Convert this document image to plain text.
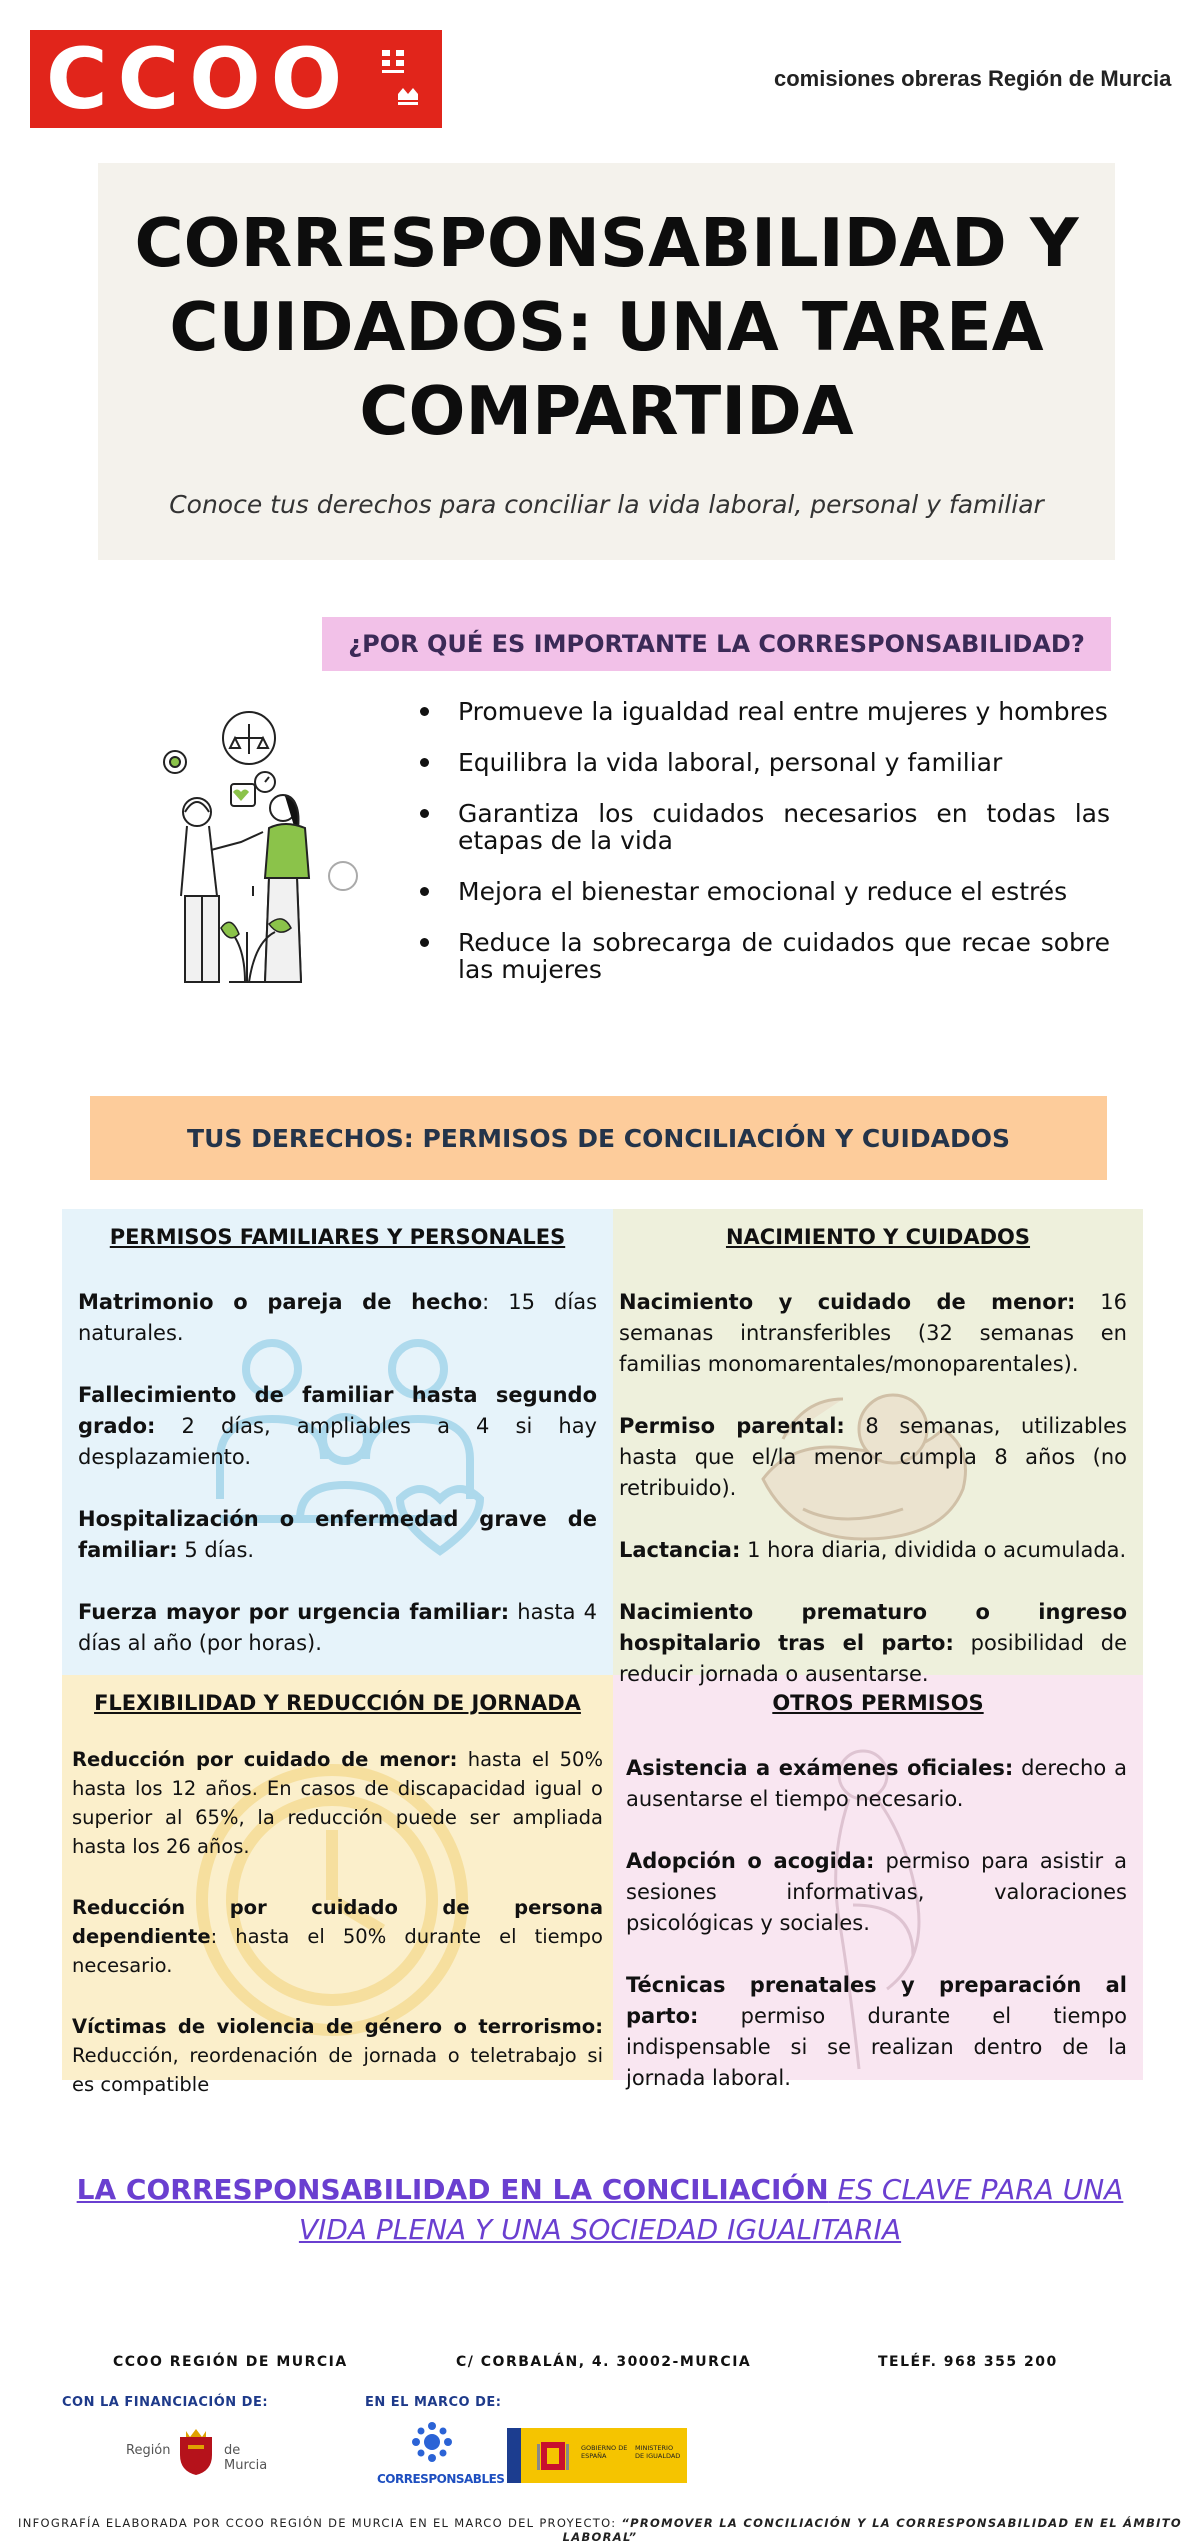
CCOO	comisiones obreras Región de Murcia
CORRESPONSABILIDAD Y CUIDADOS: UNA TAREA COMPARTIDA
Conoce tus derechos para conciliar la vida laboral, personal y familiar
¿POR QUÉ ES IMPORTANTE LA CORRESPONSABILIDAD?
Promueve la igualdad real entre mujeres y hombres
Equilibra la vida laboral, personal y familiar
Garantiza los cuidados necesarios en todas las etapas de la vida
Mejora el bienestar emocional y reduce el estrés
Reduce la sobrecarga de cuidados que recae sobre las mujeres
TUS DERECHOS: PERMISOS DE CONCILIACIÓN Y CUIDADOS
PERMISOS FAMILIARES Y PERSONALES

Matrimonio o pareja de hecho: 15 días naturales.

Fallecimiento de familiar hasta segundo grado: 2 días, ampliables a 4 si hay desplazamiento.

Hospitalización o enfermedad grave de familiar: 5 días.

Fuerza mayor por urgencia familiar: hasta 4 días al año (por horas).

NACIMIENTO Y CUIDADOS

Nacimiento y cuidado de menor: 16 semanas intransferibles (32 semanas en familias monomarentales/monoparentales).

Permiso parental: 8 semanas, utilizables hasta que el/la menor cumpla 8 años (no retribuido).

Lactancia: 1 hora diaria, dividida o acumulada.

Nacimiento prematuro o ingreso hospitalario tras el parto: posibilidad de reducir jornada o ausentarse.

FLEXIBILIDAD Y REDUCCIÓN DE JORNADA

Reducción por cuidado de menor: hasta el 50% hasta los 12 años. En casos de discapacidad igual o superior al 65%, la reducción puede ser ampliada hasta los 26 años.

Reducción por cuidado de persona dependiente: hasta el 50% durante el tiempo necesario.

Víctimas de violencia de género o terrorismo: Reducción, reordenación de jornada o teletrabajo si es compatible

OTROS PERMISOS

Asistencia a exámenes oficiales: derecho a ausentarse el tiempo necesario.

Adopción o acogida: permiso para asistir a sesiones informativas, valoraciones psicológicas y sociales.

Técnicas prenatales y preparación al parto: permiso durante el tiempo indispensable si se realizan dentro de la jornada laboral.

LA CORRESPONSABILIDAD EN LA CONCILIACIÓN ES CLAVE PARA UNA VIDA PLENA Y UNA SOCIEDAD IGUALITARIA
CCOO REGIÓN DE MURCIA	C/ CORBALÁN, 4. 30002-MURCIA	TELÉF. 968 355 200
CON LA FINANCIACIÓN DE:	EN EL MARCO DE:
Región	de Murcia
CORRESPONSABLES
GOBIERNO DE ESPAÑA
MINISTERIO DE IGUALDAD
INFOGRAFÍA ELABORADA POR CCOO REGIÓN DE MURCIA EN EL MARCO DEL PROYECTO: “PROMOVER LA CONCILIACIÓN Y LA CORRESPONSABILIDAD EN EL ÁMBITO LABORAL”
